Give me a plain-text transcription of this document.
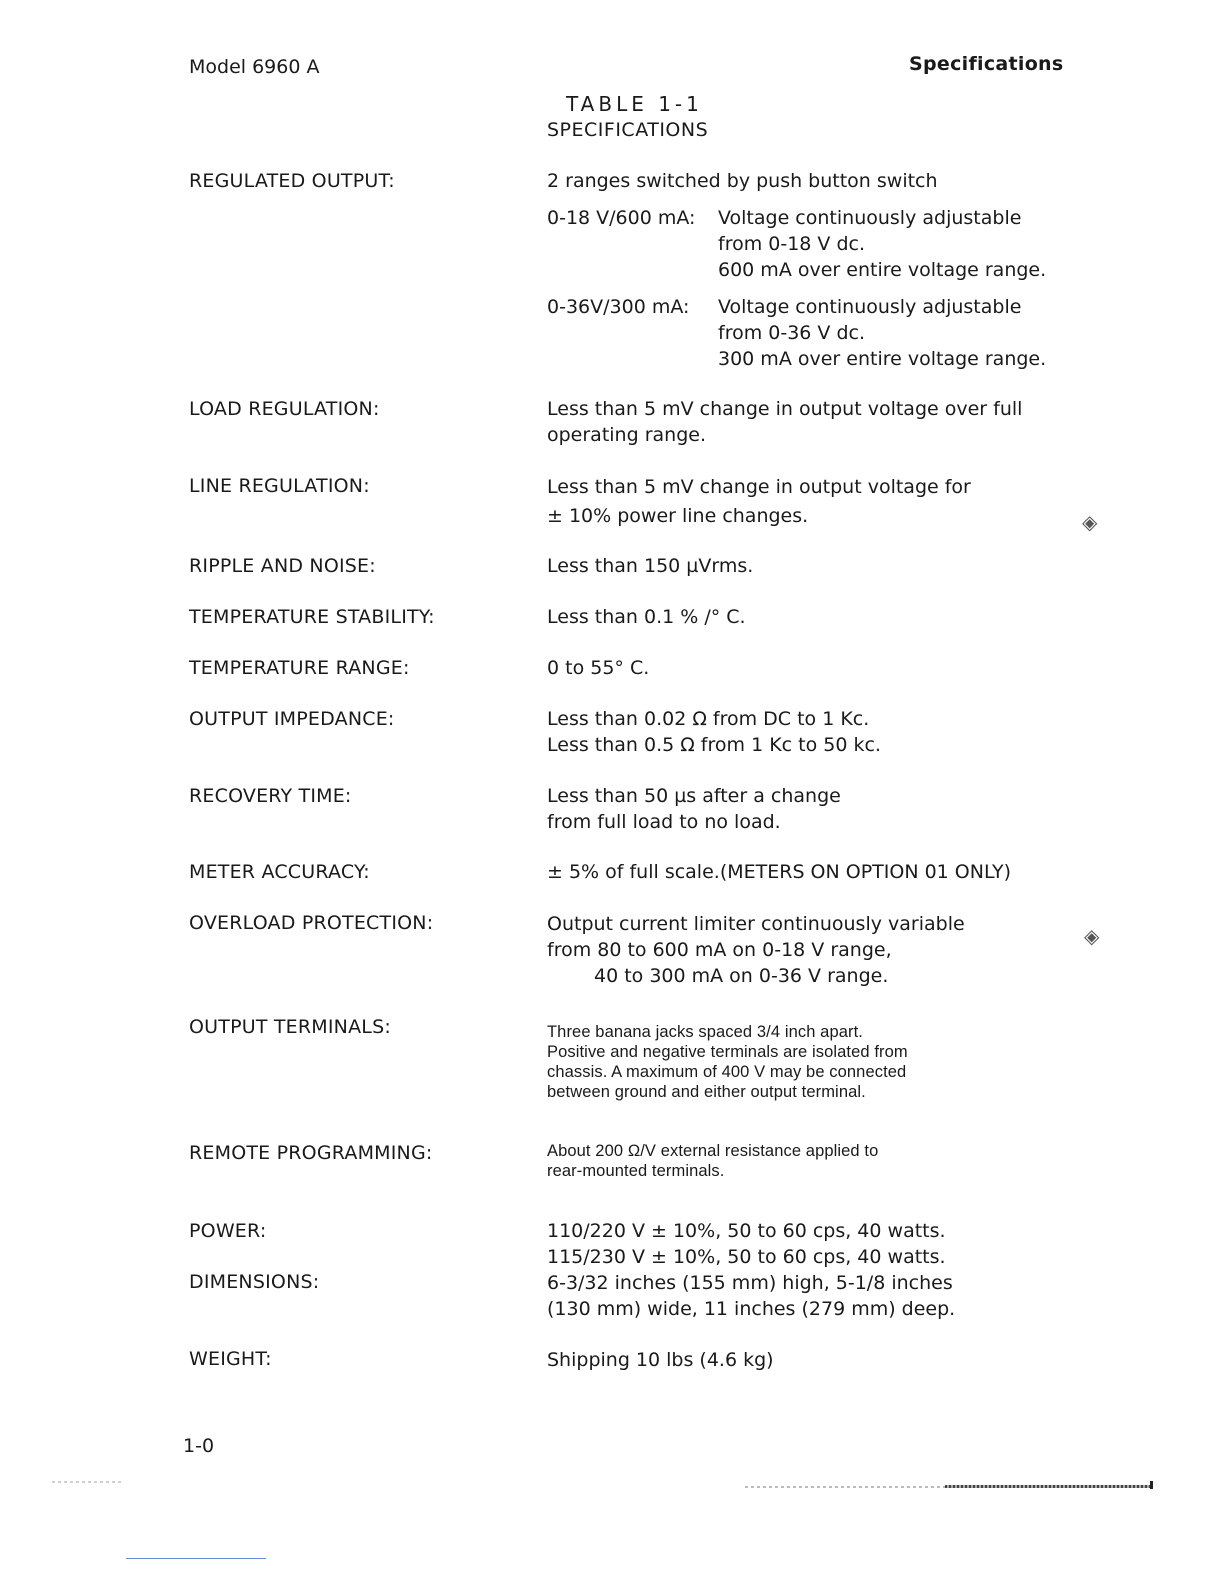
Model 6960 A	Specifications
TABLE 1-1
SPECIFICATIONS
REGULATED OUTPUT:	2 ranges switched by push button switch
0-18 V/600 mA: Voltage continuously adjustable
from 0-18 V dc.
600 mA over entire voltage range.
0-36V/300 mA: Voltage continuously adjustable
from 0-36 V dc.
300 mA over entire voltage range.
LOAD REGULATION:	Less than 5 mV change in output voltage over full
operating range.
LINE REGULATION:	Less than 5 mV change in output voltage for
± 10% power line changes.
RIPPLE AND NOISE:	Less than 150 µVrms.
TEMPERATURE STABILITY:	Less than 0.1 % /° C.
TEMPERATURE RANGE:	0 to 55° C.
OUTPUT IMPEDANCE:	Less than 0.02 Ω from DC to 1 Kc.
Less than 0.5 Ω from 1 Kc to 50 kc.
RECOVERY TIME:	Less than 50 µs after a change
from full load to no load.
METER ACCURACY:	± 5% of full scale.(METERS ON OPTION 01 ONLY)
OVERLOAD PROTECTION:	Output current limiter continuously variable
from 80 to 600 mA on 0-18 V range,
40 to 300 mA on 0-36 V range.
OUTPUT TERMINALS:	Three banana jacks spaced 3/4 inch apart.
Positive and negative terminals are isolated from
chassis. A maximum of 400 V may be connected
between ground and either output terminal.
REMOTE PROGRAMMING:	About 200 Ω/V external resistance applied to
rear-mounted terminals.
POWER:	110/220 V ± 10%, 50 to 60 cps, 40 watts.
115/230 V ± 10%, 50 to 60 cps, 40 watts.
DIMENSIONS:	6-3/32 inches (155 mm) high, 5-1/8 inches
(130 mm) wide, 11 inches (279 mm) deep.
WEIGHT:	Shipping 10 lbs (4.6 kg)
1-0
◈
◈
